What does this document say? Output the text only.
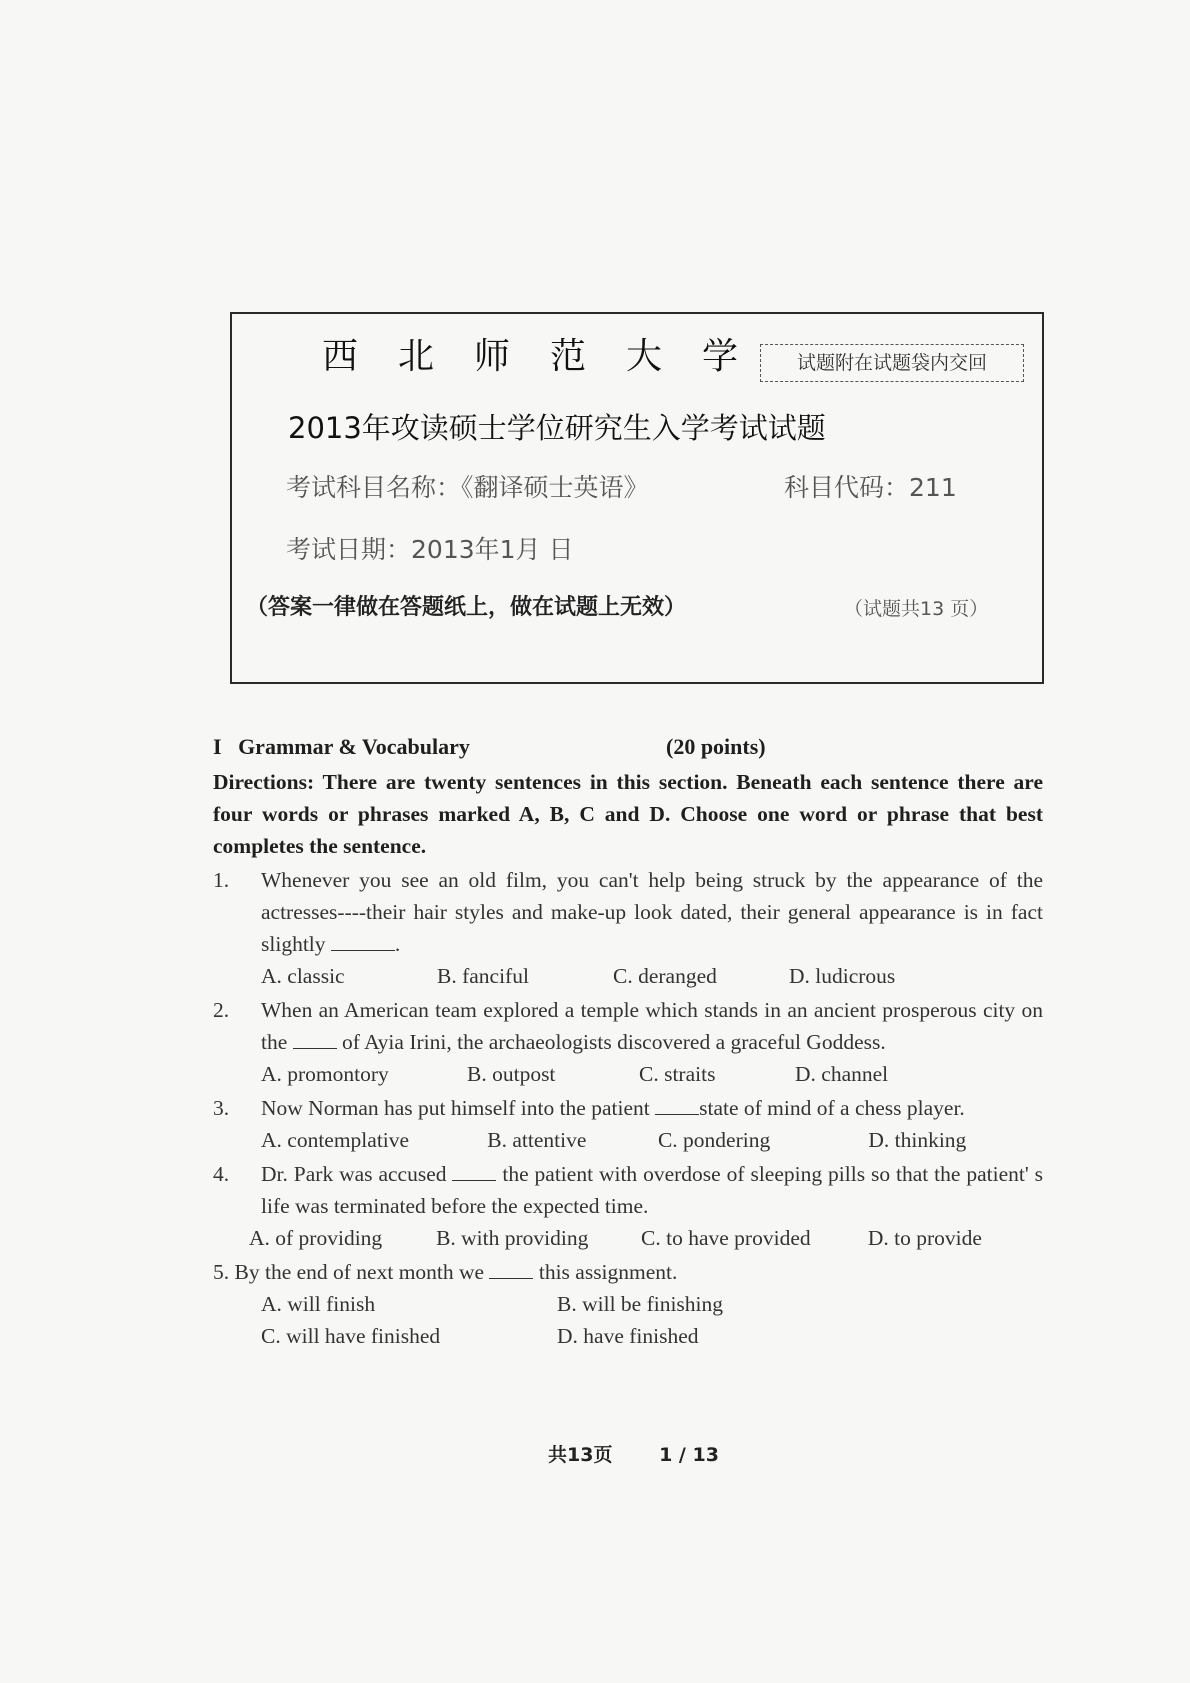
西北师范大学 试题附在试题袋内交回
2013年攻读硕士学位研究生入学考试试题
考试科目名称：《翻译硕士英语》	科目代码：211
考试日期：2013年1月 日
（答案一律做在答题纸上，做在试题上无效）	（试题共13 页）
I Grammar & Vocabulary	(20 points)
Directions: There are twenty sentences in this section. Beneath each sentence there are four words or phrases marked A, B, C and D. Choose one word or phrase that best completes the sentence.
1. Whenever you see an old film, you can't help being struck by the appearance of the actresses----their hair styles and make-up look dated, their general appearance is in fact slightly	.
A. classic	B. fanciful	C. deranged	D. ludicrous
2. When an American team explored a temple which stands in an ancient prosperous city on the	of Ayia Irini, the archaeologists discovered a graceful Goddess.
A. promontory	B. outpost	C. straits	D. channel
3. Now Norman has put himself into the patient state of mind of a chess player.
A. contemplative	B. attentive	C. pondering	D. thinking
4. Dr. Park was accused	the patient with overdose of sleeping pills so that the patient' s life was terminated before the expected time.
A. of providing	B. with providing	C. to have provided	D. to provide
5. By the end of next month we	this assignment.
A. will finish	B. will be finishing
C. will have finished	D. have finished
共13页 1 / 13
